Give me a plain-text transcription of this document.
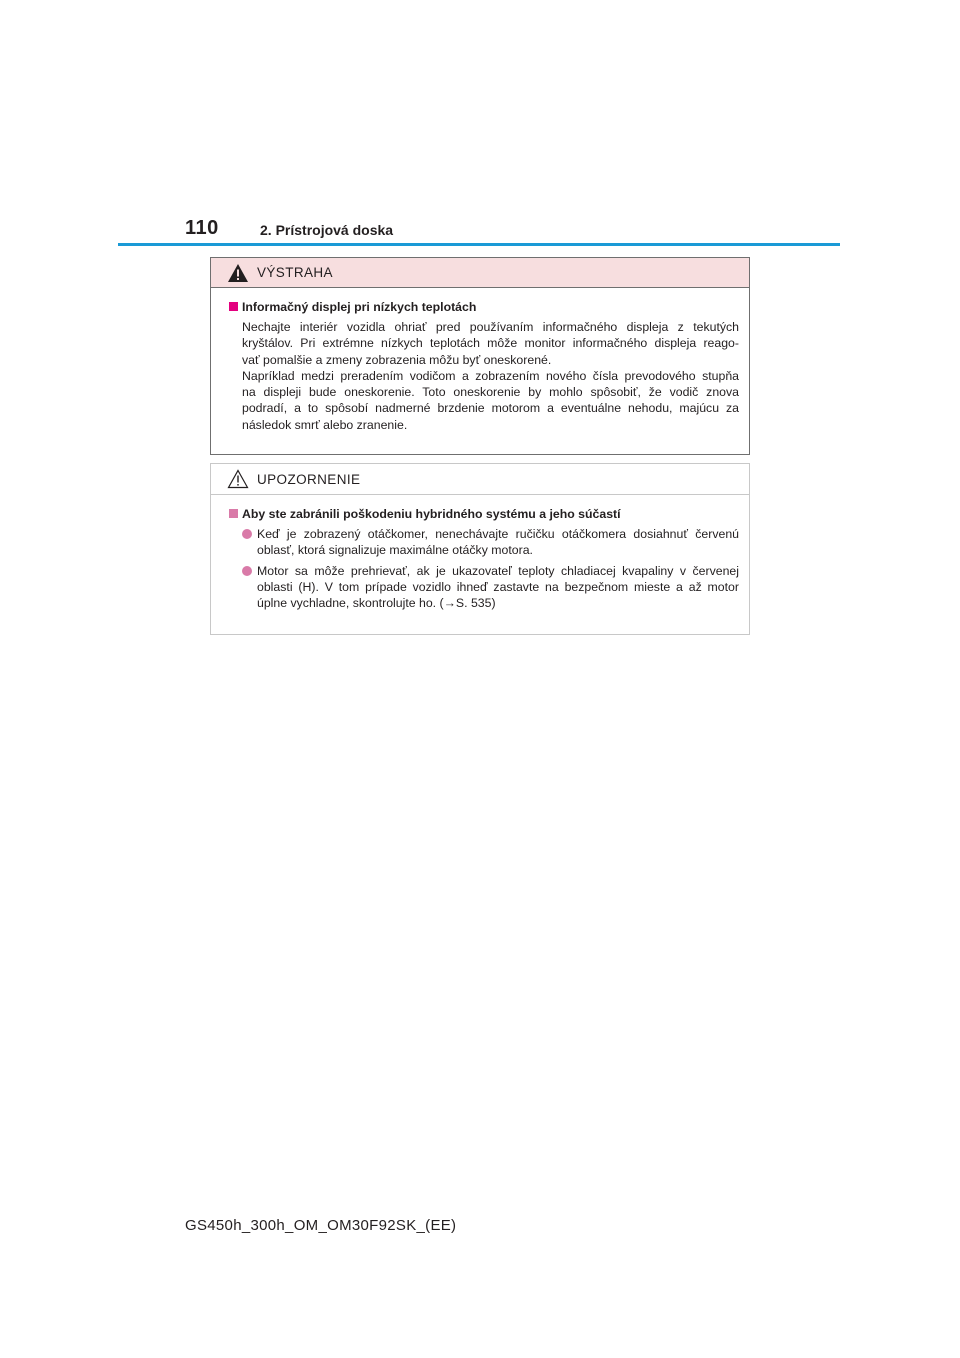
110	2. Prístrojová doska
VÝSTRAHA
Informačný displej pri nízkych teplotách
Nechajte interiér vozidla ohriať pred používaním informačného displeja z tekutých
kryštálov. Pri extrémne nízkych teplotách môže monitor informačného displeja reago-
vať pomalšie a zmeny zobrazenia môžu byť oneskorené.
Napríklad medzi preradením vodičom a zobrazením nového čísla prevodového stupňa
na displeji bude oneskorenie. Toto oneskorenie by mohlo spôsobiť, že vodič znova
podradí, a to spôsobí nadmerné brzdenie motorom a eventuálne nehodu, majúcu za
následok smrť alebo zranenie.
UPOZORNENIE
Aby ste zabránili poškodeniu hybridného systému a jeho súčastí
Keď je zobrazený otáčkomer, nenechávajte ručičku otáčkomera dosiahnuť červenú
oblasť, ktorá signalizuje maximálne otáčky motora.
Motor sa môže prehrievať, ak je ukazovateľ teploty chladiacej kvapaliny v červenej
oblasti (H). V tom prípade vozidlo ihneď zastavte na bezpečnom mieste a až motor
úplne vychladne, skontrolujte ho. (→S. 535)
GS450h_300h_OM_OM30F92SK_(EE)
